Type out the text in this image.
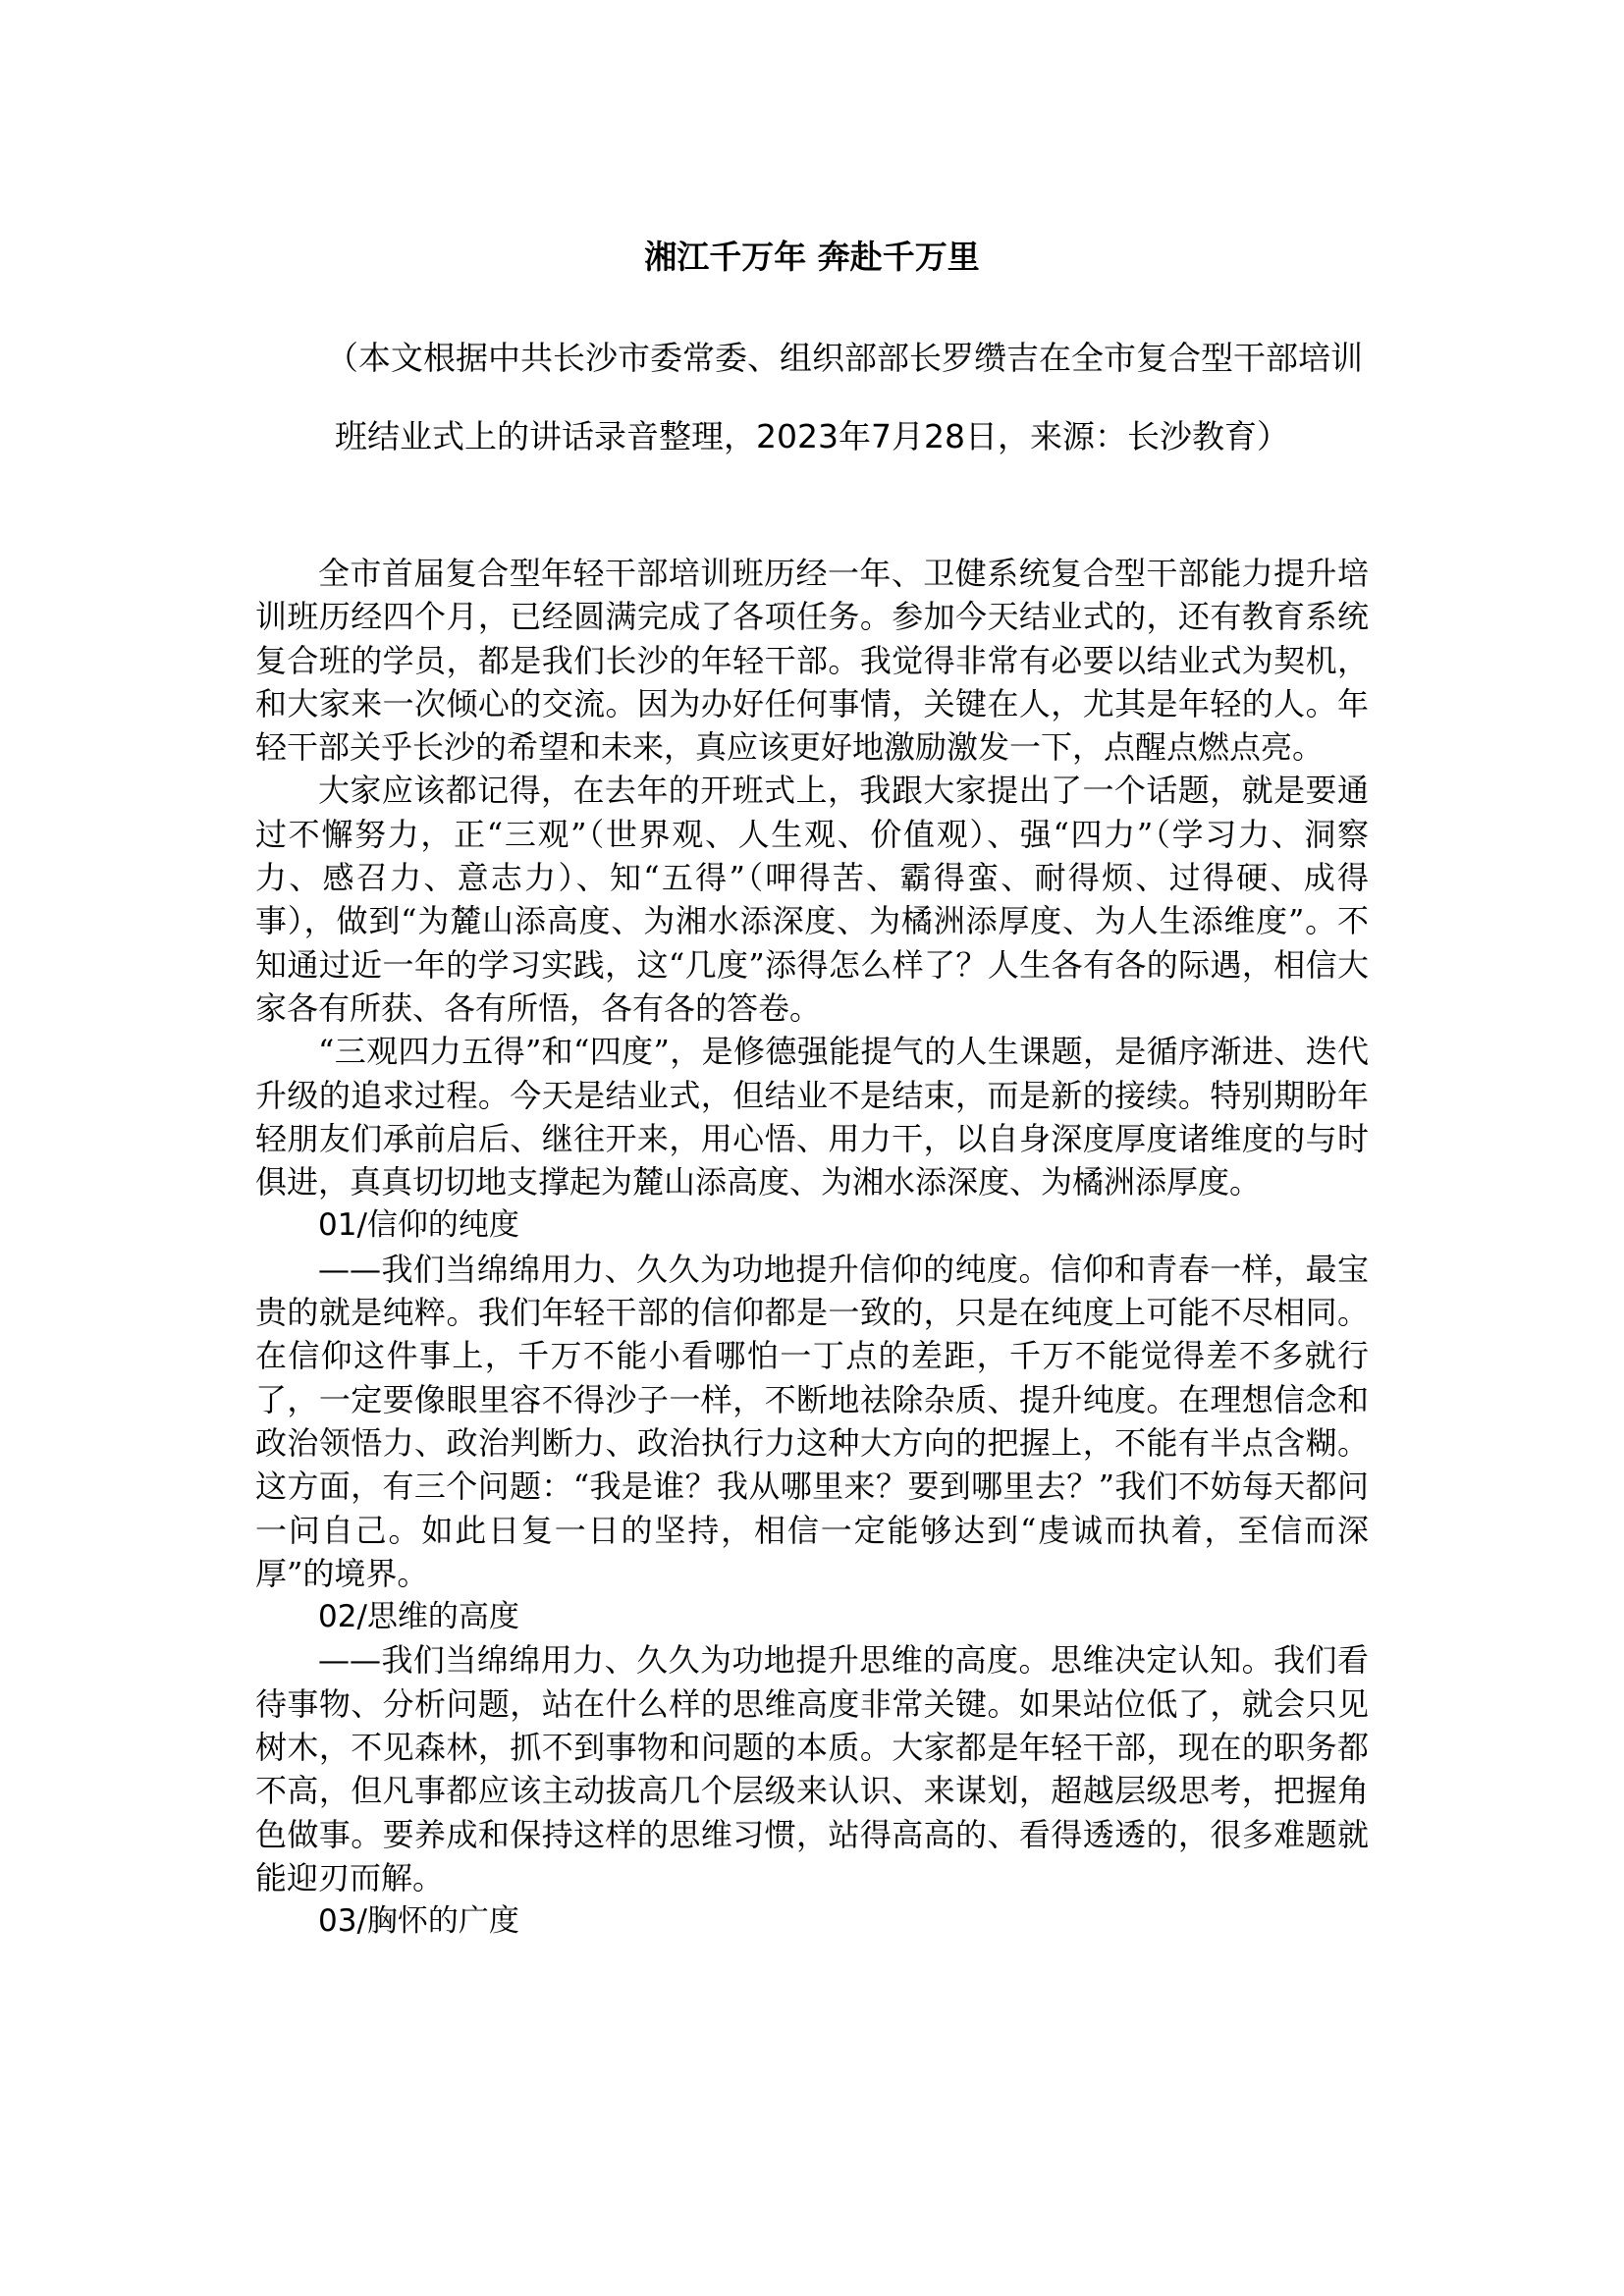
湘江千万年 奔赴千万里

（本文根据中共长沙市委常委、组织部部长罗缵吉在全市复合型干部培训班结业式上的讲话录音整理，2023年7月28日，来源：长沙教育）

全市首届复合型年轻干部培训班历经一年、卫健系统复合型干部能力提升培训班历经四个月，已经圆满完成了各项任务。参加今天结业式的，还有教育系统复合班的学员，都是我们长沙的年轻干部。我觉得非常有必要以结业式为契机，和大家来一次倾心的交流。因为办好任何事情，关键在人，尤其是年轻的人。年轻干部关乎长沙的希望和未来，真应该更好地激励激发一下，点醒点燃点亮。

大家应该都记得，在去年的开班式上，我跟大家提出了一个话题，就是要通过不懈努力，正“三观”（世界观、人生观、价值观）、强“四力”（学习力、洞察力、感召力、意志力）、知“五得”（呷得苦、霸得蛮、耐得烦、过得硬、成得事），做到“为麓山添高度、为湘水添深度、为橘洲添厚度、为人生添维度”。不知通过近一年的学习实践，这“几度”添得怎么样了？人生各有各的际遇，相信大家各有所获、各有所悟，各有各的答卷。

“三观四力五得”和“四度”，是修德强能提气的人生课题，是循序渐进、迭代升级的追求过程。今天是结业式，但结业不是结束，而是新的接续。特别期盼年轻朋友们承前启后、继往开来，用心悟、用力干，以自身深度厚度诸维度的与时俱进，真真切切地支撑起为麓山添高度、为湘水添深度、为橘洲添厚度。

01/信仰的纯度

——我们当绵绵用力、久久为功地提升信仰的纯度。信仰和青春一样，最宝贵的就是纯粹。我们年轻干部的信仰都是一致的，只是在纯度上可能不尽相同。在信仰这件事上，千万不能小看哪怕一丁点的差距，千万不能觉得差不多就行了，一定要像眼里容不得沙子一样，不断地祛除杂质、提升纯度。在理想信念和政治领悟力、政治判断力、政治执行力这种大方向的把握上，不能有半点含糊。这方面，有三个问题：“我是谁？我从哪里来？要到哪里去？”我们不妨每天都问一问自己。如此日复一日的坚持，相信一定能够达到“虔诚而执着，至信而深厚”的境界。

02/思维的高度

——我们当绵绵用力、久久为功地提升思维的高度。思维决定认知。我们看待事物、分析问题，站在什么样的思维高度非常关键。如果站位低了，就会只见树木，不见森林，抓不到事物和问题的本质。大家都是年轻干部，现在的职务都不高，但凡事都应该主动拔高几个层级来认识、来谋划，超越层级思考，把握角色做事。要养成和保持这样的思维习惯，站得高高的、看得透透的，很多难题就能迎刃而解。

03/胸怀的广度
